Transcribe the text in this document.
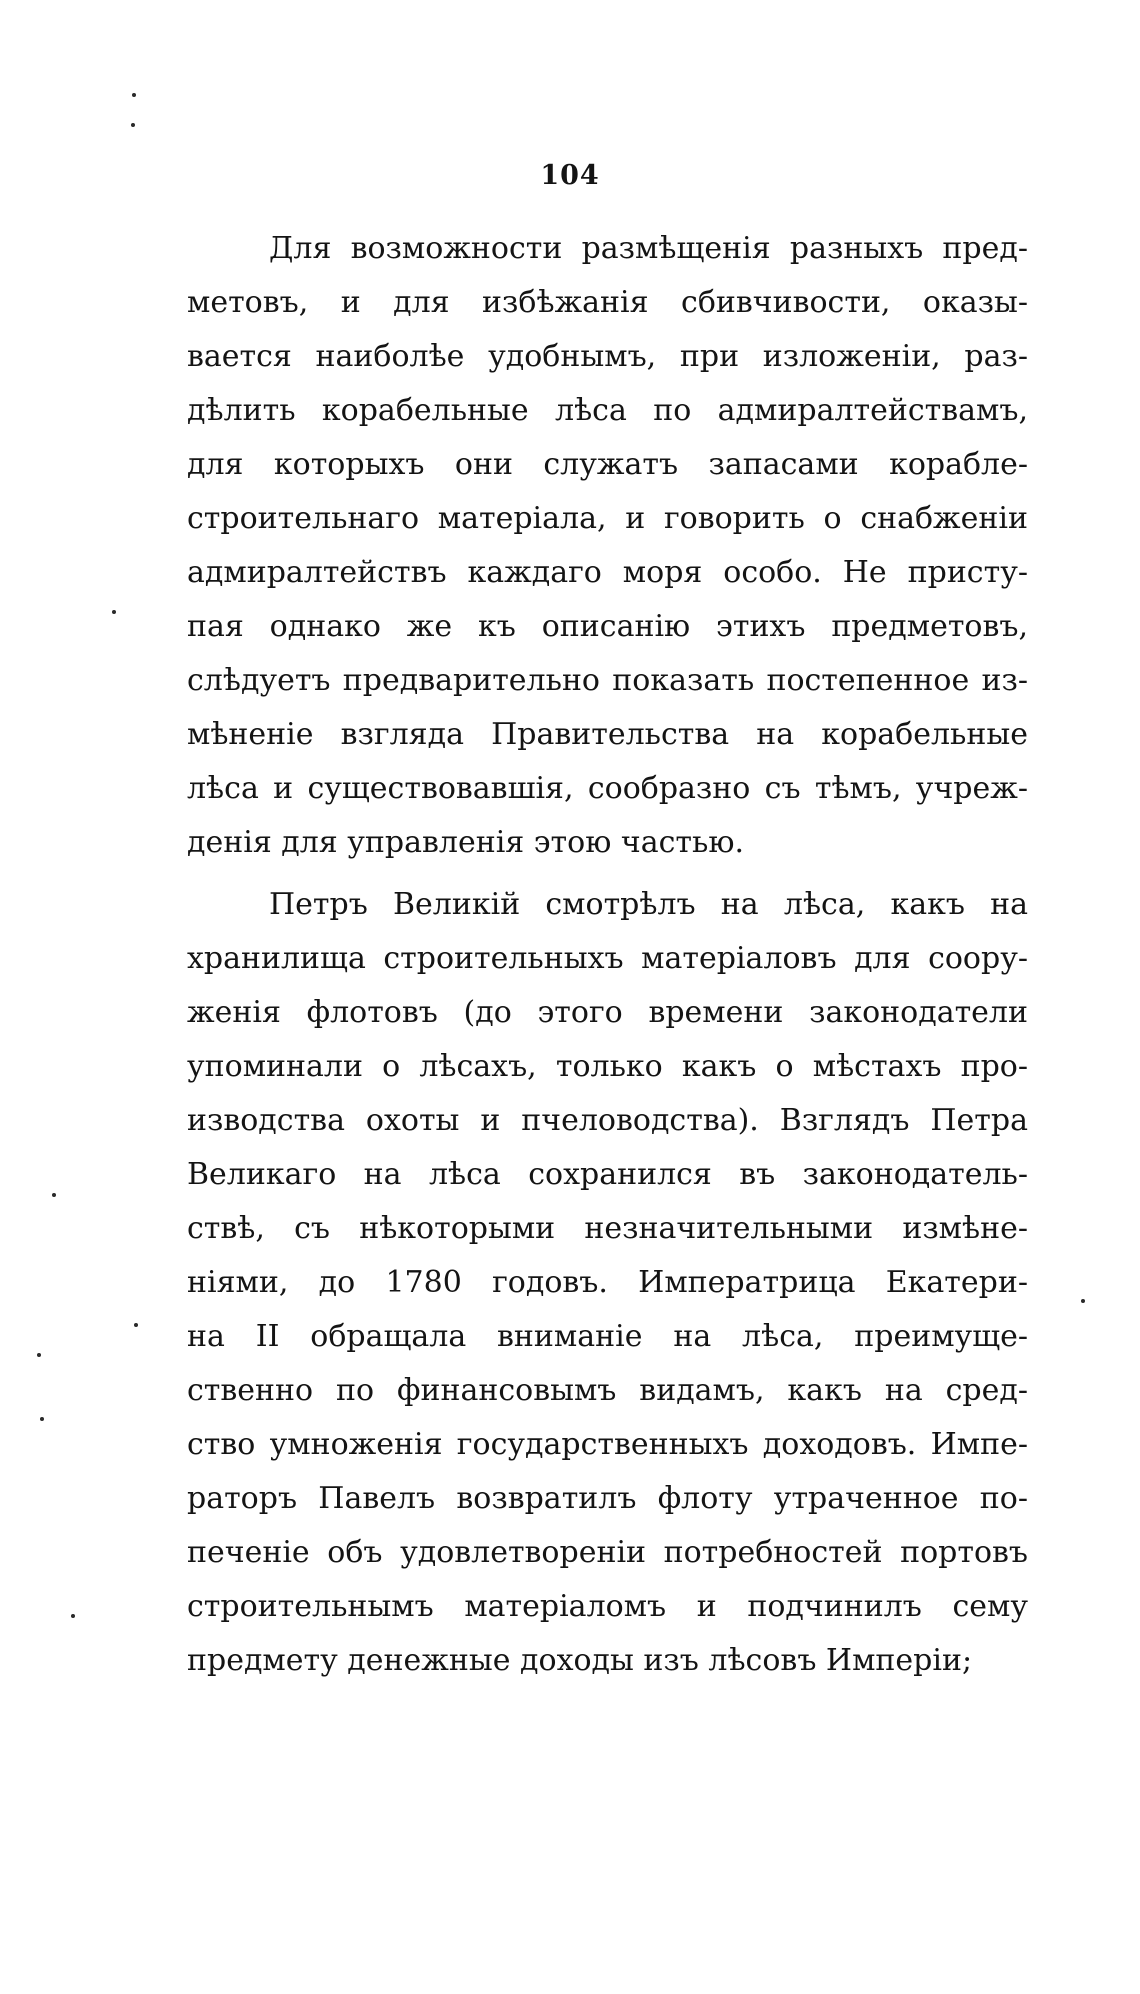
104
Для возможности размѣщенія разныхъ пред-
метовъ, и для избѣжанія сбивчивости, оказы-
вается наиболѣе удобнымъ, при изложеніи, раз-
дѣлить корабельные лѣса по адмиралтействамъ,
для которыхъ они служатъ запасами корабле-
строительнаго матеріала, и говорить о снабженіи
адмиралтействъ каждаго моря особо. Не присту-
пая однако же къ описанію этихъ предметовъ,
слѣдуетъ предварительно показать постепенное из-
мѣненіе взгляда Правительства на корабельные
лѣса и существовавшія, сообразно съ тѣмъ, учреж-
денія для управленія этою частью.
Петръ Великій смотрѣлъ на лѣса, какъ на
хранилища строительныхъ матеріаловъ для соору-
женія флотовъ (до этого времени законодатели
упоминали о лѣсахъ, только какъ о мѣстахъ про-
изводства охоты и пчеловодства). Взглядъ Петра
Великаго на лѣса сохранился въ законодатель-
ствѣ, съ нѣкоторыми незначительными измѣне-
ніями, до 1780 годовъ. Императрица Екатери-
на II обращала вниманіе на лѣса, преимуще-
ственно по финансовымъ видамъ, какъ на сред-
ство умноженія государственныхъ доходовъ. Импе-
раторъ Павелъ возвратилъ флоту утраченное по-
печеніе объ удовлетвореніи потребностей портовъ
строительнымъ матеріаломъ и подчинилъ сему
предмету денежные доходы изъ лѣсовъ Имперіи;
